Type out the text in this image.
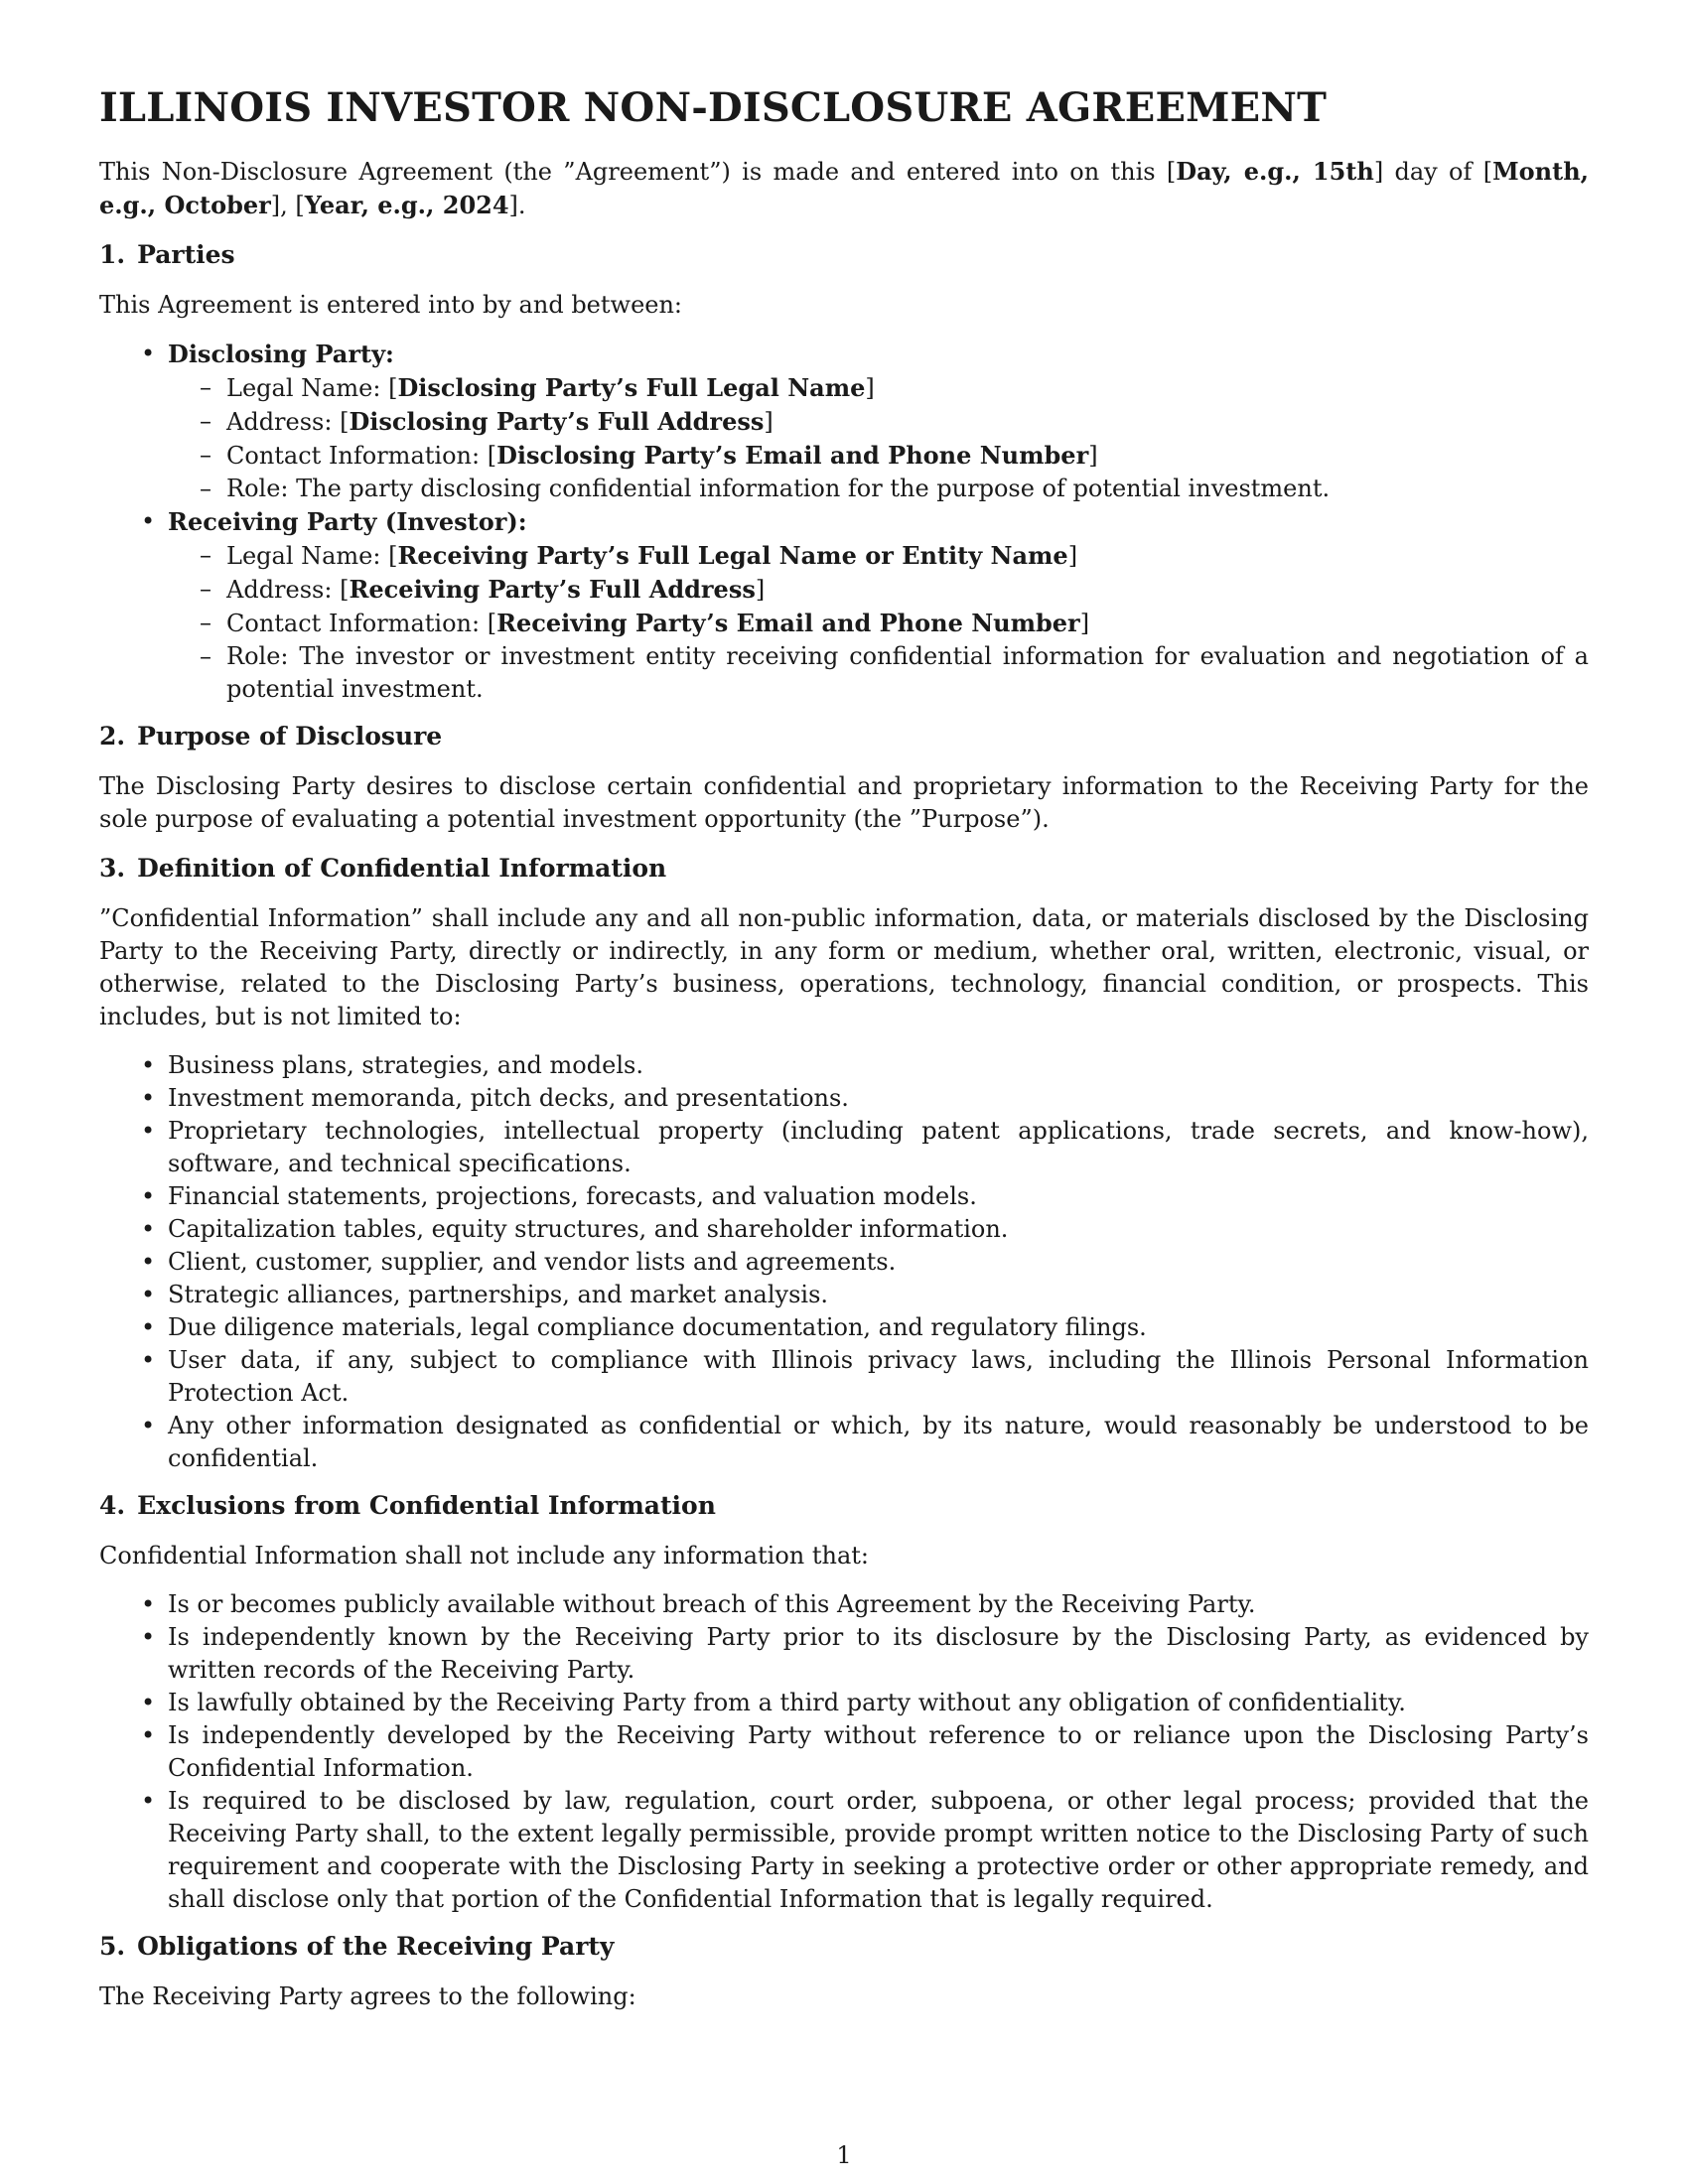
ILLINOIS INVESTOR NON-DISCLOSURE AGREEMENT

This Non-Disclosure Agreement (the ”Agreement”) is made and entered into on this [Day, e.g., 15th] day of [Month, e.g., October], [Year, e.g., 2024].

1. Parties

This Agreement is entered into by and between:

• Disclosing Party:
– Legal Name: [Disclosing Party’s Full Legal Name]
– Address: [Disclosing Party’s Full Address]
– Contact Information: [Disclosing Party’s Email and Phone Number]
– Role: The party disclosing confidential information for the purpose of potential investment.
• Receiving Party (Investor):
– Legal Name: [Receiving Party’s Full Legal Name or Entity Name]
– Address: [Receiving Party’s Full Address]
– Contact Information: [Receiving Party’s Email and Phone Number]
– Role: The investor or investment entity receiving confidential information for evaluation and negotiation of a potential investment.
2. Purpose of Disclosure

The Disclosing Party desires to disclose certain confidential and proprietary information to the Receiving Party for the sole purpose of evaluating a potential investment opportunity (the ”Purpose”).

3. Definition of Confidential Information

”Confidential Information” shall include any and all non-public information, data, or materials disclosed by the Disclosing Party to the Receiving Party, directly or indirectly, in any form or medium, whether oral, written, electronic, visual, or otherwise, related to the Disclosing Party’s business, operations, technology, financial condition, or prospects. This includes, but is not limited to:

• Business plans, strategies, and models.
• Investment memoranda, pitch decks, and presentations.
• Proprietary technologies, intellectual property (including patent applications, trade secrets, and know-how), software, and technical specifications.
• Financial statements, projections, forecasts, and valuation models.
• Capitalization tables, equity structures, and shareholder information.
• Client, customer, supplier, and vendor lists and agreements.
• Strategic alliances, partnerships, and market analysis.
• Due diligence materials, legal compliance documentation, and regulatory filings.
• User data, if any, subject to compliance with Illinois privacy laws, including the Illinois Personal Information Protection Act.
• Any other information designated as confidential or which, by its nature, would reasonably be understood to be confidential.
4. Exclusions from Confidential Information

Confidential Information shall not include any information that:

• Is or becomes publicly available without breach of this Agreement by the Receiving Party.
• Is independently known by the Receiving Party prior to its disclosure by the Disclosing Party, as evidenced by written records of the Receiving Party.
• Is lawfully obtained by the Receiving Party from a third party without any obligation of confidentiality.
• Is independently developed by the Receiving Party without reference to or reliance upon the Disclosing Party’s Confidential Information.
• Is required to be disclosed by law, regulation, court order, subpoena, or other legal process; provided that the Receiving Party shall, to the extent legally permissible, provide prompt written notice to the Disclosing Party of such requirement and cooperate with the Disclosing Party in seeking a protective order or other appropriate remedy, and shall disclose only that portion of the Confidential Information that is legally required.
5. Obligations of the Receiving Party

The Receiving Party agrees to the following:

1
